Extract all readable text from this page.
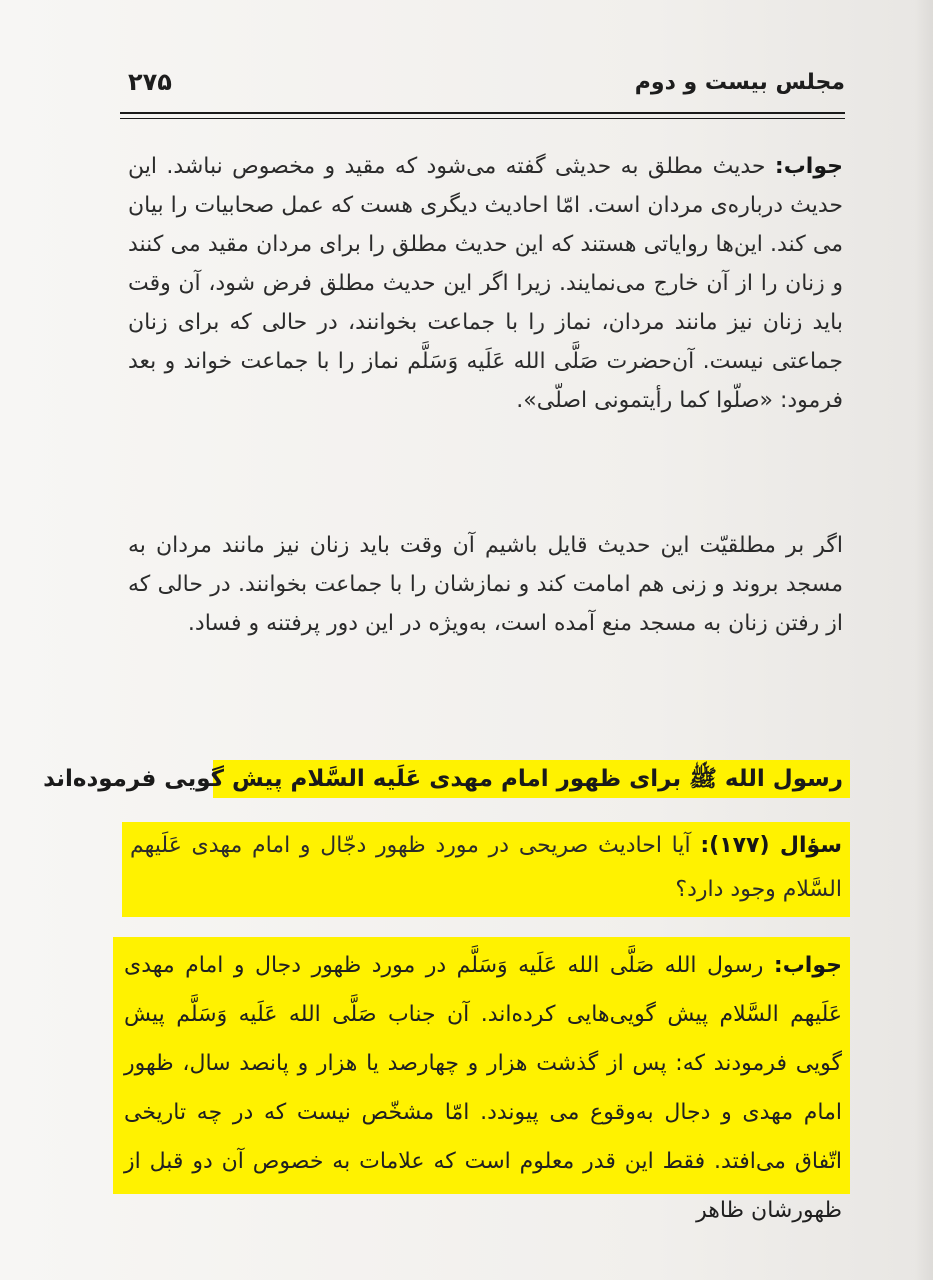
۲۷۵	مجلس بیست و دوم
جواب: حدیث مطلق به حدیثی گفته می‌شود که مقید و مخصوص نباشد. این حدیث درباره‌ی مردان است. امّا احادیث دیگری هست که عمل صحابیات را بیان می کند. این‌ها روایاتی هستند که این حدیث مطلق را برای مردان مقید می کنند و زنان را از آن خارج می‌نمایند. زیرا اگر این حدیث مطلق فرض شود، آن وقت باید زنان نیز مانند مردان، نماز را با جماعت بخوانند، در حالی که برای زنان جماعتی نیست. آن‌حضرت صَلَّی الله عَلَیه وَسَلَّم نماز را با جماعت خواند و بعد فرمود: «صلّوا کما رأیتمونی اصلّی».
اگر بر مطلقیّت این حدیث قایل باشیم آن وقت باید زنان نیز مانند مردان به مسجد بروند و زنی هم امامت کند و نمازشان را با جماعت بخوانند. در حالی که از رفتن زنان به مسجد منع آمده است، به‌ویژه در این دور پرفتنه و فساد.
رسول الله ﷺ برای ظهور امام مهدی عَلَیه السَّلام پیش گویی فرموده‌اند
سؤال (۱۷۷): آیا احادیث صریحی در مورد ظهور دجّال و امام مهدی عَلَیهم السَّلام وجود دارد؟
جواب: رسول الله صَلَّی الله عَلَیه وَسَلَّم در مورد ظهور دجال و امام مهدی عَلَیهم السَّلام پیش گویی‌هایی کرده‌اند. آن جناب صَلَّی الله عَلَیه وَسَلَّم پیش گویی فرمودند که: پس از گذشت هزار و چهارصد یا هزار و پانصد سال، ظهور امام مهدی و دجال به‌وقوع می پیوندد. امّا مشخّص نیست که در چه تاریخی اتّفاق می‌افتد. فقط این قدر معلوم است که علامات به خصوص آن دو قبل از ظهورشان ظاهر
